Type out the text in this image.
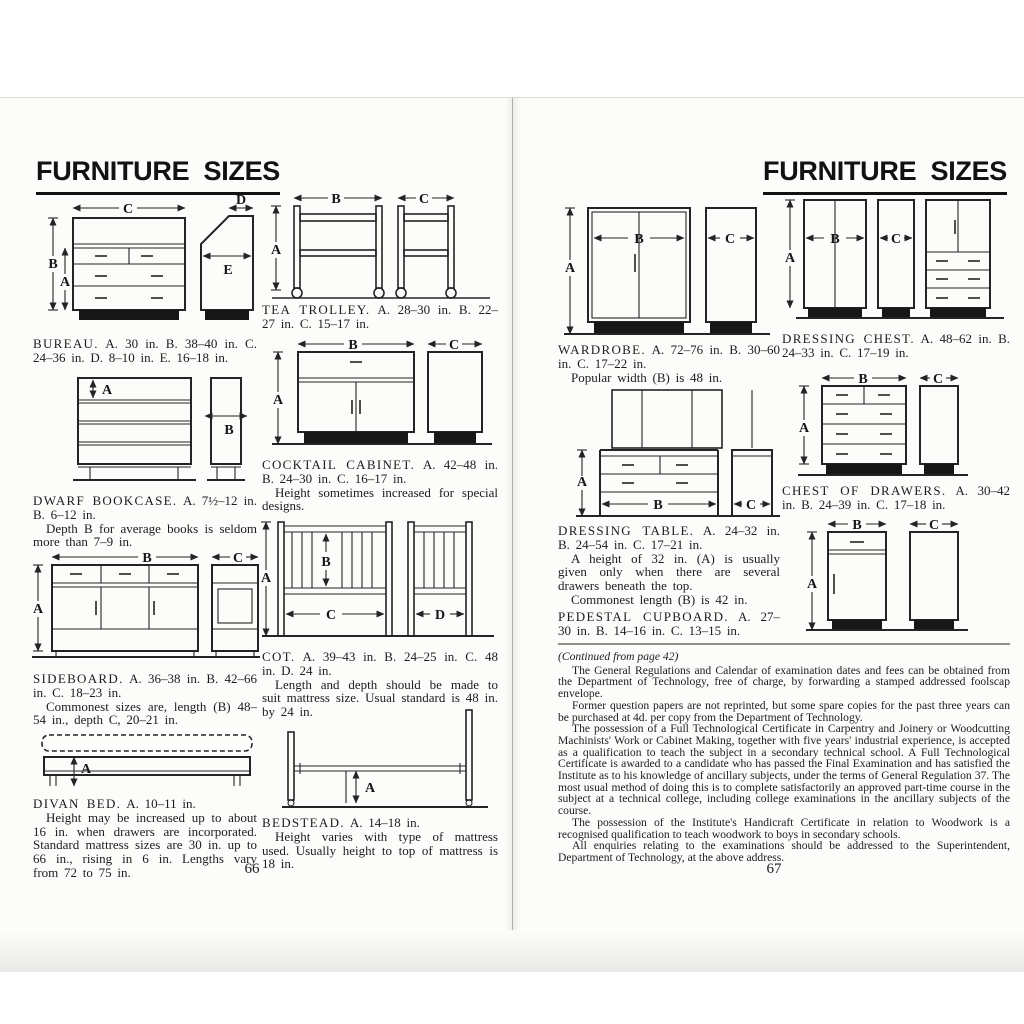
FURNITURE SIZES
C
B
A
D
E

BUREAU. A. 30 in. B. 38–40 in. C. 24–36 in. D. 8–10 in. E. 16–18 in.

A
B

DWARF BOOKCASE. A. 7½–12 in. B. 6–12 in.

Depth B for average books is seldom more than 7–9 in.

B	C
A

SIDEBOARD. A. 36–38 in. B. 42–66 in. C. 18–23 in.

Commonest sizes are, length (B) 48–54 in., depth C, 20–21 in.

A

DIVAN BED. A. 10–11 in.

Height may be increased up to about 16 in. when drawers are incorporated. Standard mattress sizes are 30 in. up to 66 in., rising in 6 in. Lengths vary from 72 to 75 in.

B	C
A

TEA TROLLEY. A. 28–30 in. B. 22–27 in. C. 15–17 in.

B	C
A

COCKTAIL CABINET. A. 42–48 in. B. 24–30 in. C. 16–17 in.

Height sometimes increased for special designs.

A
B
C	D

COT. A. 39–43 in. B. 24–25 in. C. 48 in. D. 24 in.

Length and depth should be made to suit mattress size. Usual standard is 48 in. by 24 in.

A

BEDSTEAD. A. 14–18 in.

Height varies with type of mattress used. Usually height to top of mattress is 18 in.

66
FURNITURE SIZES
A
B	C

WARDROBE. A. 72–76 in. B. 30–60 in. C. 17–22 in.

Popular width (B) is 48 in.

B
A
C

DRESSING TABLE. A. 24–32 in. B. 24–54 in. C. 17–21 in.

A height of 32 in. (A) is usually given only when there are several drawers beneath the top.

Commonest length (B) is 42 in.

PEDESTAL CUPBOARD. A. 27–30 in. B. 14–16 in. C. 13–15 in.

A
B	C

DRESSING CHEST. A. 48–62 in. B. 24–33 in. C. 17–19 in.

B	C
A

CHEST OF DRAWERS. A. 30–42 in. B. 24–39 in. C. 17–18 in.

B	C
A

(Continued from page 42)

The General Regulations and Calendar of examination dates and fees can be obtained from the Department of Technology, free of charge, by forwarding a stamped addressed foolscap envelope.

Former question papers are not reprinted, but some spare copies for the past three years can be purchased at 4d. per copy from the Department of Technology.

The possession of a Full Technological Certificate in Carpentry and Joinery or Woodcutting Machinists' Work or Cabinet Making, together with five years' industrial experience, is accepted as a qualification to teach the subject in a secondary technical school. A Full Technological Certificate is awarded to a candidate who has passed the Final Examination and has satisfied the Institute as to his knowledge of ancillary subjects, under the terms of General Regulation 37. The most usual method of doing this is to complete satisfactorily an approved part-time course in the subject at a technical college, including college examinations in the ancillary subjects of the course.

The possession of the Institute's Handicraft Certificate in relation to Woodwork is a recognised qualification to teach woodwork to boys in secondary schools.

All enquiries relating to the examinations should be addressed to the Superintendent, Department of Technology, at the above address.

67
